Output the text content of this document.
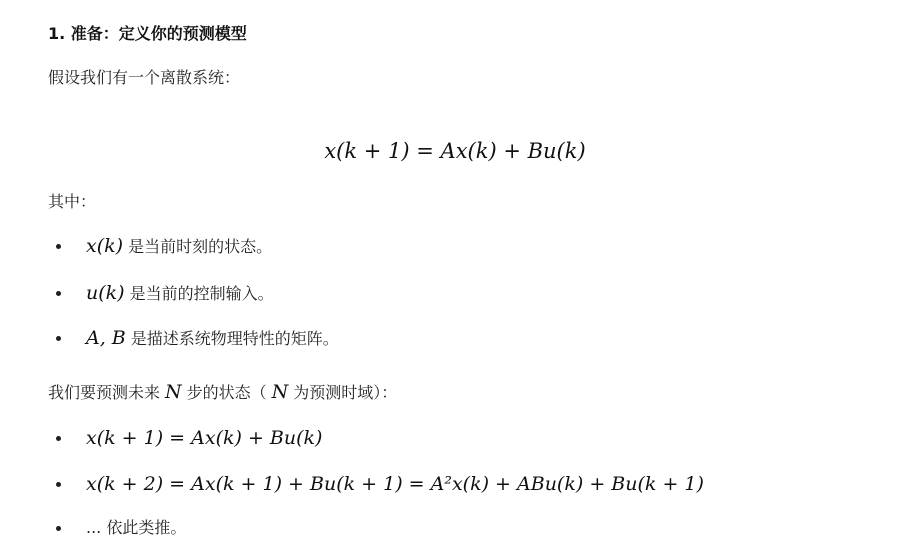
1. 准备：定义你的预测模型
假设我们有一个离散系统：
x(k + 1) = Ax(k) + Bu(k)
其中：
x(k) 是当前时刻的状态。
u(k) 是当前的控制输入。
A, B 是描述系统物理特性的矩阵。
我们要预测未来 N 步的状态（ N 为预测时域）：
x(k + 1) = Ax(k) + Bu(k)
x(k + 2) = Ax(k + 1) + Bu(k + 1) = A²x(k) + ABu(k) + Bu(k + 1)
... 依此类推。
